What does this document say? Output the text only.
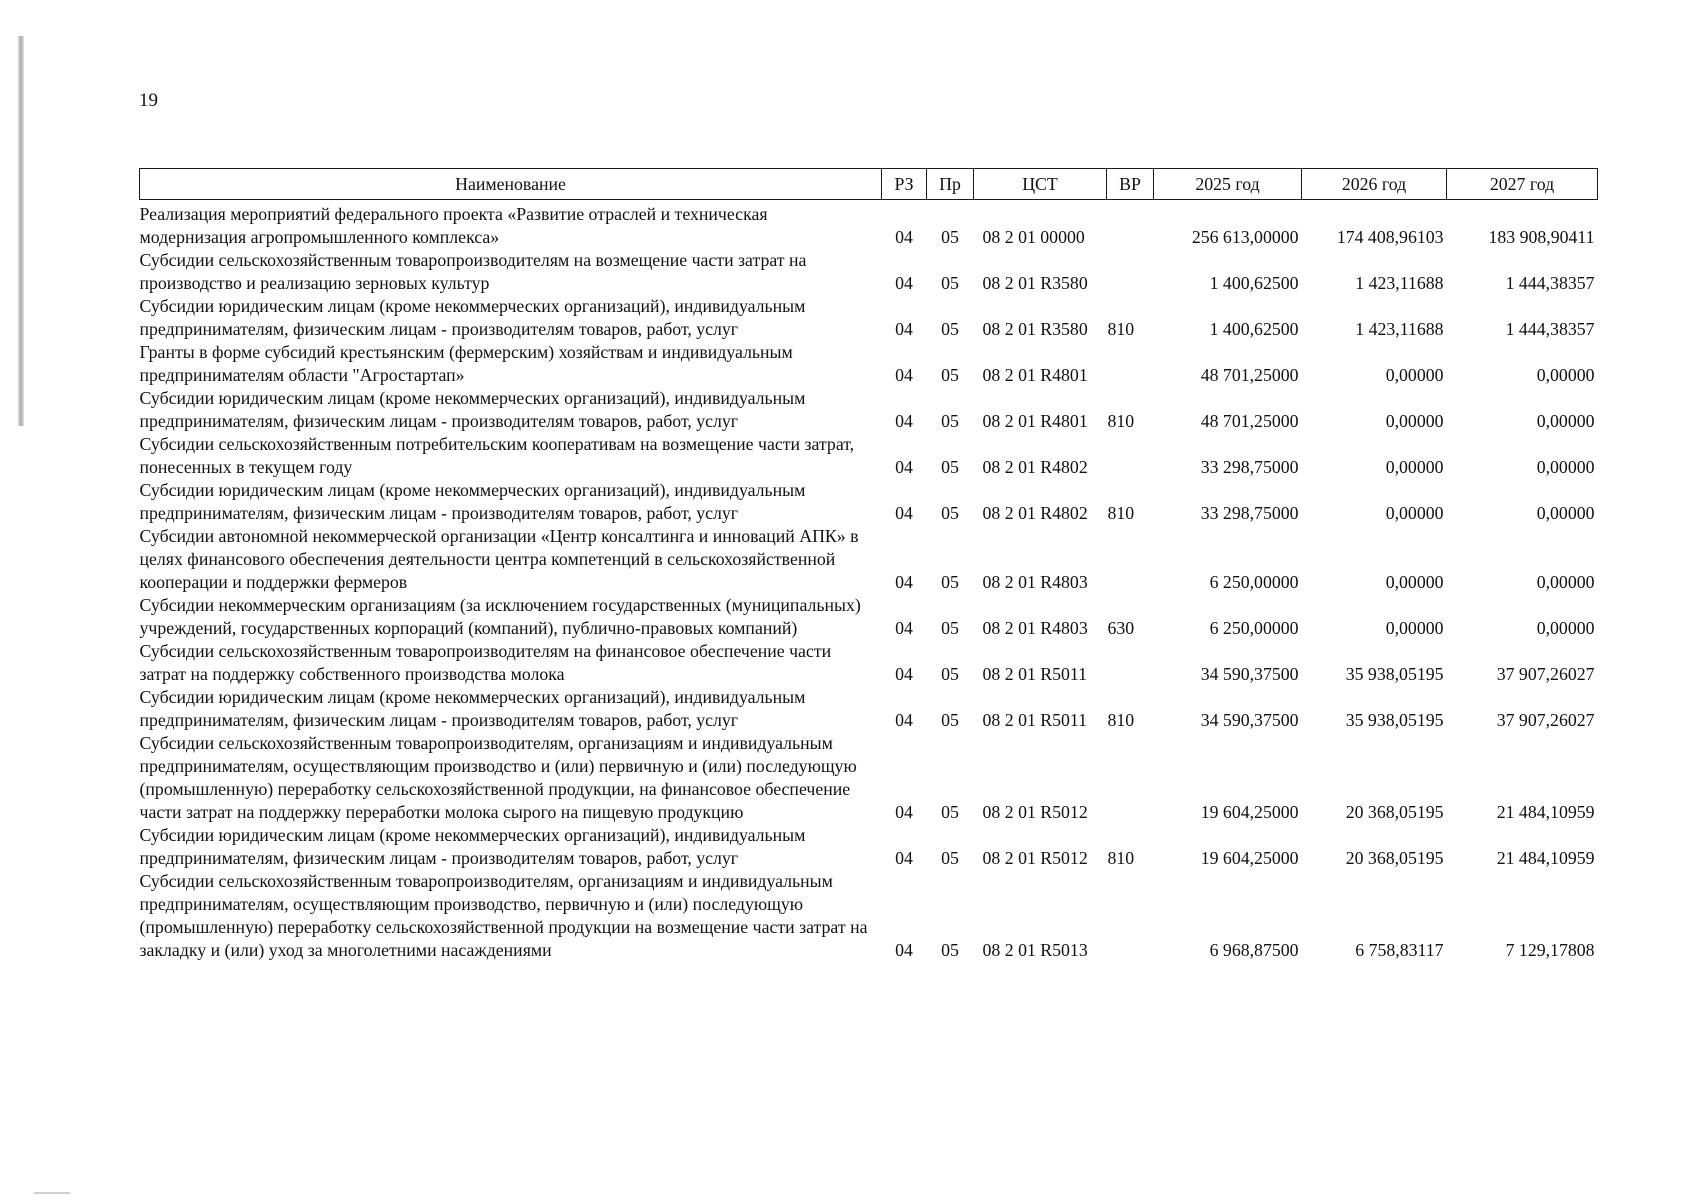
19
Наименование	РЗ	Пр	ЦСТ	ВР	2025 год	2026 год	2027 год
Реализация мероприятий федерального проекта «Развитие отраслей и техническая модернизация агропромышленного комплекса»	04	05	08 2 01 00000		256 613,00000	174 408,96103	183 908,90411
Субсидии сельскохозяйственным товаропроизводителям на возмещение части затрат на производство и реализацию зерновых культур	04	05	08 2 01 R3580		1 400,62500	1 423,11688	1 444,38357
Субсидии юридическим лицам (кроме некоммерческих организаций), индивидуальным предпринимателям, физическим лицам - производителям товаров, работ, услуг	04	05	08 2 01 R3580	810	1 400,62500	1 423,11688	1 444,38357
Гранты в форме субсидий крестьянским (фермерским) хозяйствам и индивидуальным предпринимателям области "Агростартап»	04	05	08 2 01 R4801		48 701,25000	0,00000	0,00000
Субсидии юридическим лицам (кроме некоммерческих организаций), индивидуальным предпринимателям, физическим лицам - производителям товаров, работ, услуг	04	05	08 2 01 R4801	810	48 701,25000	0,00000	0,00000
Субсидии сельскохозяйственным потребительским кооперативам на возмещение части затрат, понесенных в текущем году	04	05	08 2 01 R4802		33 298,75000	0,00000	0,00000
Субсидии юридическим лицам (кроме некоммерческих организаций), индивидуальным предпринимателям, физическим лицам - производителям товаров, работ, услуг	04	05	08 2 01 R4802	810	33 298,75000	0,00000	0,00000
Субсидии автономной некоммерческой организации «Центр консалтинга и инноваций АПК» в целях финансового обеспечения деятельности центра компетенций в сельскохозяйственной кооперации и поддержки фермеров	04	05	08 2 01 R4803		6 250,00000	0,00000	0,00000
Субсидии некоммерческим организациям (за исключением государственных (муниципальных) учреждений, государственных корпораций (компаний), публично-правовых компаний)	04	05	08 2 01 R4803	630	6 250,00000	0,00000	0,00000
Субсидии сельскохозяйственным товаропроизводителям на финансовое обеспечение части затрат на поддержку собственного производства молока	04	05	08 2 01 R5011		34 590,37500	35 938,05195	37 907,26027
Субсидии юридическим лицам (кроме некоммерческих организаций), индивидуальным предпринимателям, физическим лицам - производителям товаров, работ, услуг	04	05	08 2 01 R5011	810	34 590,37500	35 938,05195	37 907,26027
Субсидии сельскохозяйственным товаропроизводителям, организациям и индивидуальным предпринимателям, осуществляющим производство и (или) первичную и (или) последующую (промышленную) переработку сельскохозяйственной продукции, на финансовое обеспечение части затрат на поддержку переработки молока сырого на пищевую продукцию	04	05	08 2 01 R5012		19 604,25000	20 368,05195	21 484,10959
Субсидии юридическим лицам (кроме некоммерческих организаций), индивидуальным предпринимателям, физическим лицам - производителям товаров, работ, услуг	04	05	08 2 01 R5012	810	19 604,25000	20 368,05195	21 484,10959
Субсидии сельскохозяйственным товаропроизводителям, организациям и индивидуальным предпринимателям, осуществляющим производство, первичную и (или) последующую (промышленную) переработку сельскохозяйственной продукции на возмещение части затрат на закладку и (или) уход за многолетними насаждениями	04	05	08 2 01 R5013		6 968,87500	6 758,83117	7 129,17808
